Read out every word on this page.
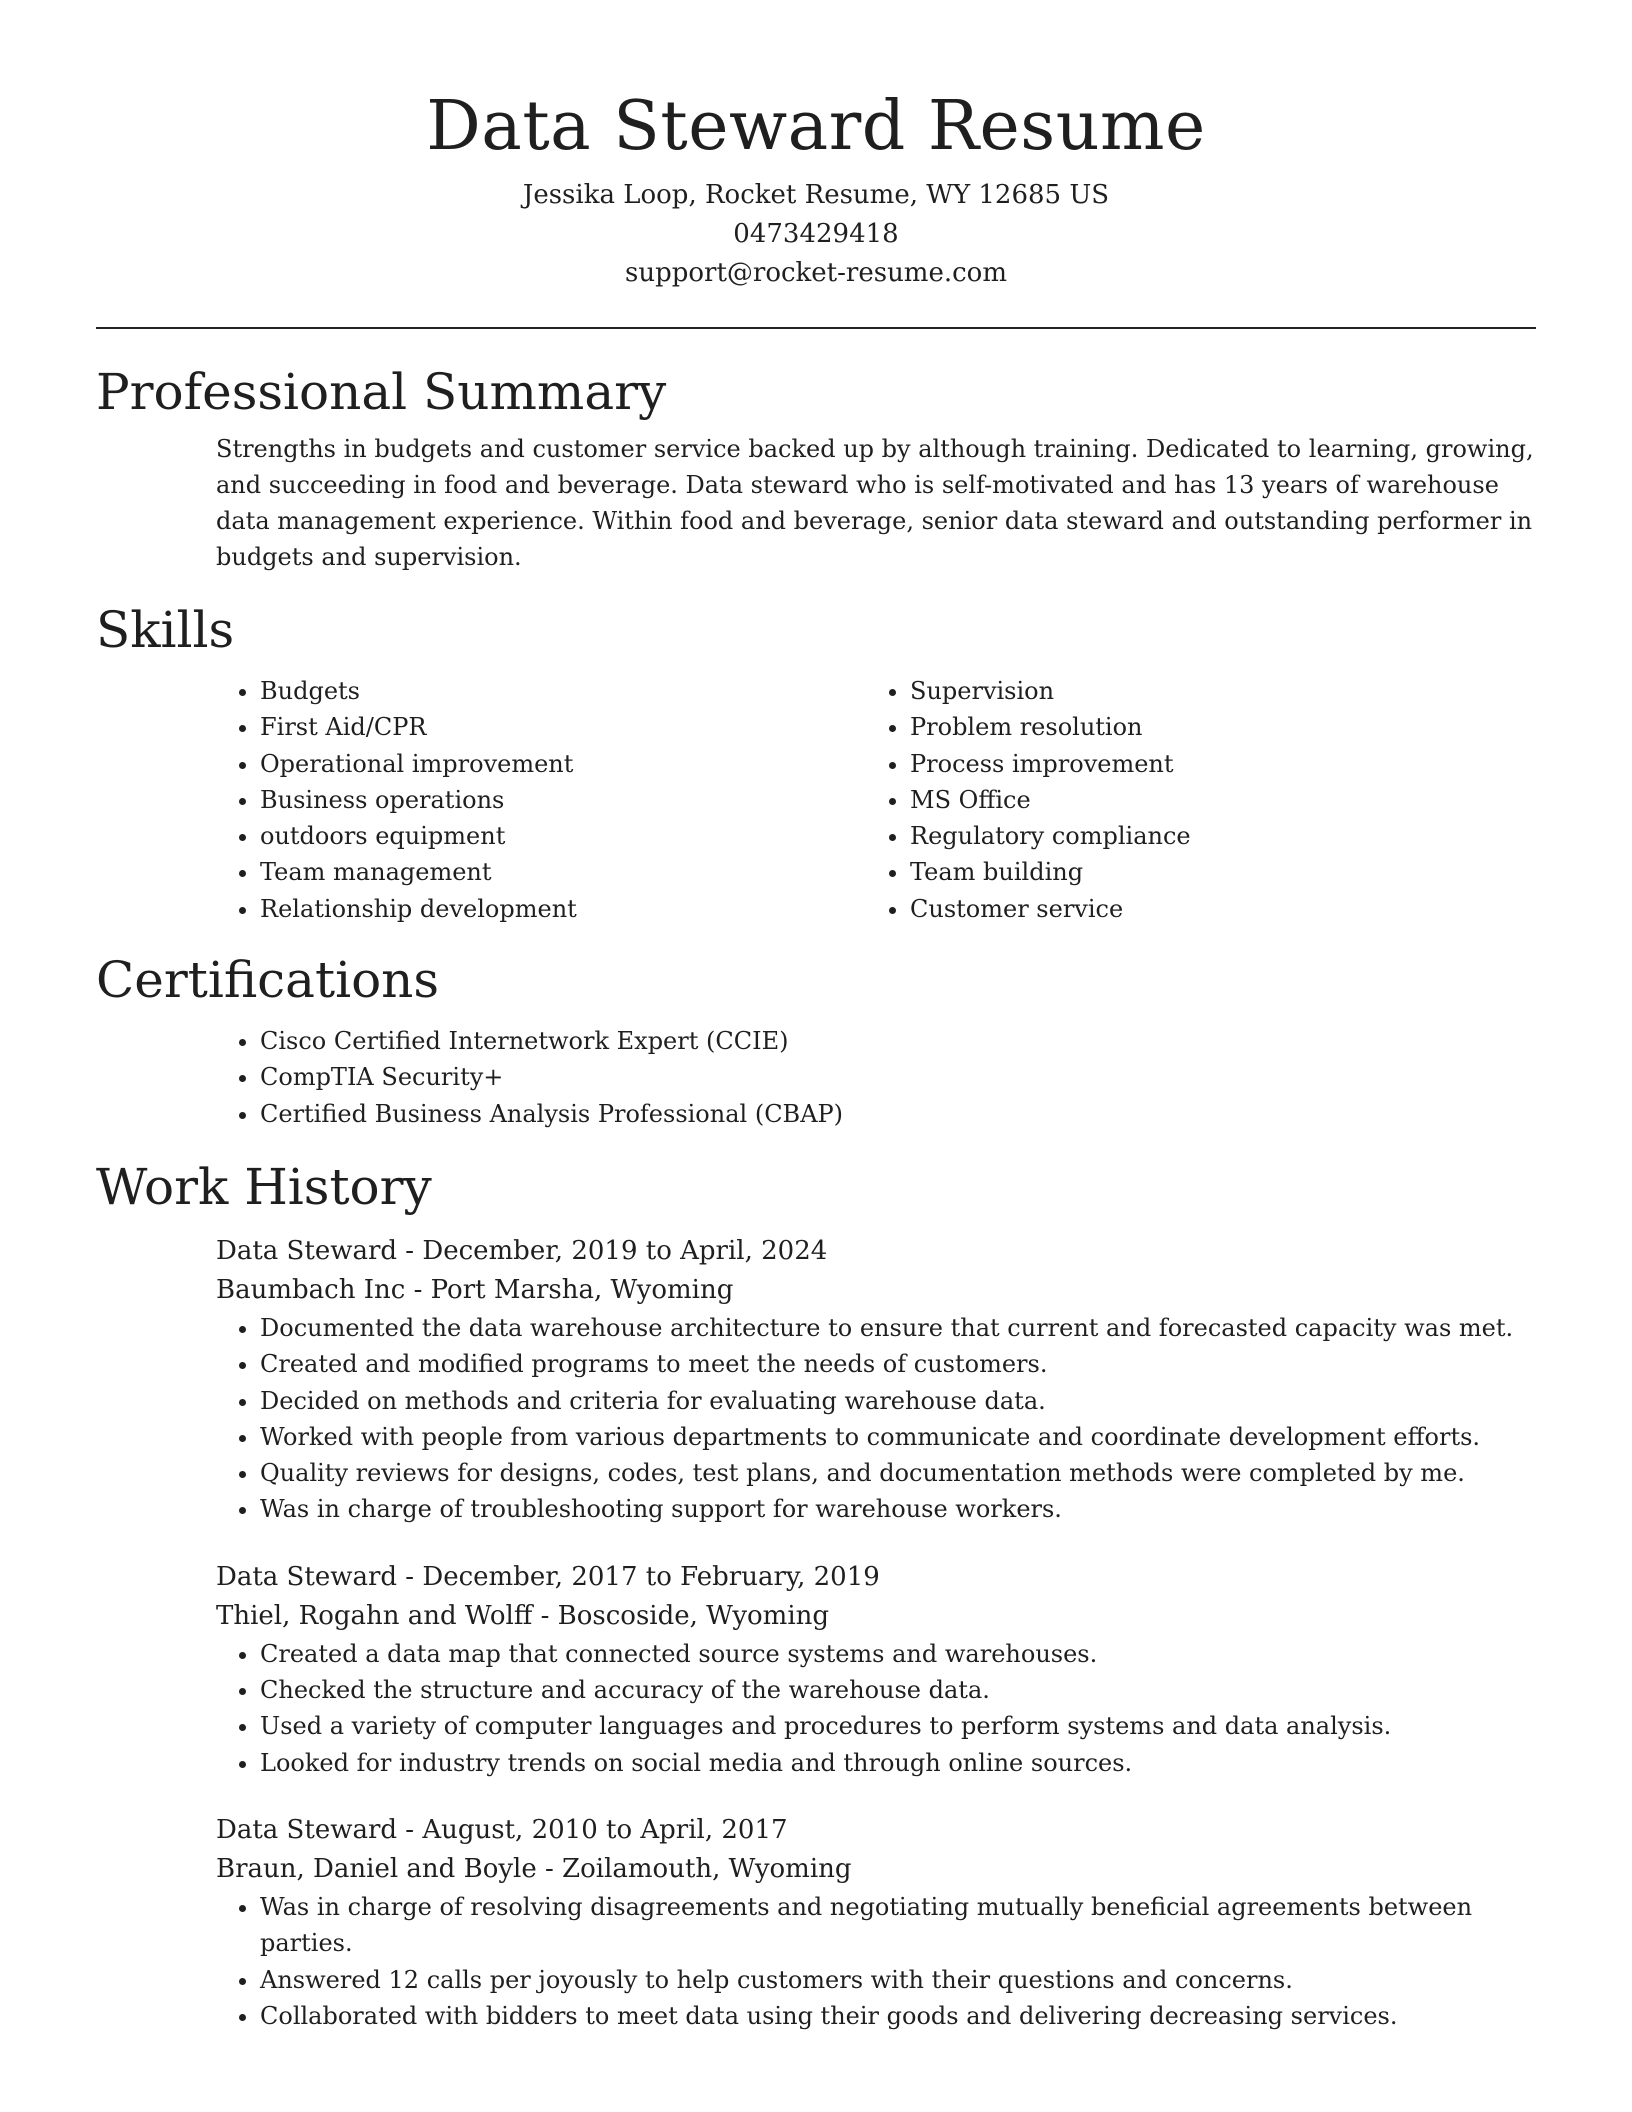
Data Steward Resume

Jessika Loop, Rocket Resume, WY 12685 US

0473429418

support@rocket-resume.com

Professional Summary

Strengths in budgets and customer service backed up by although training. Dedicated to learning, growing, and succeeding in food and beverage. Data steward who is self-motivated and has 13 years of warehouse data management experience. Within food and beverage, senior data steward and outstanding performer in budgets and supervision.

Skills
• Budgets
• First Aid/CPR
• Operational improvement
• Business operations
• outdoors equipment
• Team management
• Relationship development
• Supervision
• Problem resolution
• Process improvement
• MS Office
• Regulatory compliance
• Team building
• Customer service
Certifications
• Cisco Certified Internetwork Expert (CCIE)
• CompTIA Security+
• Certified Business Analysis Professional (CBAP)
Work History

Data Steward - December, 2019 to April, 2024

Baumbach Inc - Port Marsha, Wyoming

• Documented the data warehouse architecture to ensure that current and forecasted capacity was met.
• Created and modified programs to meet the needs of customers.
• Decided on methods and criteria for evaluating warehouse data.
• Worked with people from various departments to communicate and coordinate development efforts.
• Quality reviews for designs, codes, test plans, and documentation methods were completed by me.
• Was in charge of troubleshooting support for warehouse workers.

Data Steward - December, 2017 to February, 2019

Thiel, Rogahn and Wolff - Boscoside, Wyoming

• Created a data map that connected source systems and warehouses.
• Checked the structure and accuracy of the warehouse data.
• Used a variety of computer languages and procedures to perform systems and data analysis.
• Looked for industry trends on social media and through online sources.

Data Steward - August, 2010 to April, 2017

Braun, Daniel and Boyle - Zoilamouth, Wyoming

• Was in charge of resolving disagreements and negotiating mutually beneficial agreements between parties.
• Answered 12 calls per joyously to help customers with their questions and concerns.
• Collaborated with bidders to meet data using their goods and delivering decreasing services.
